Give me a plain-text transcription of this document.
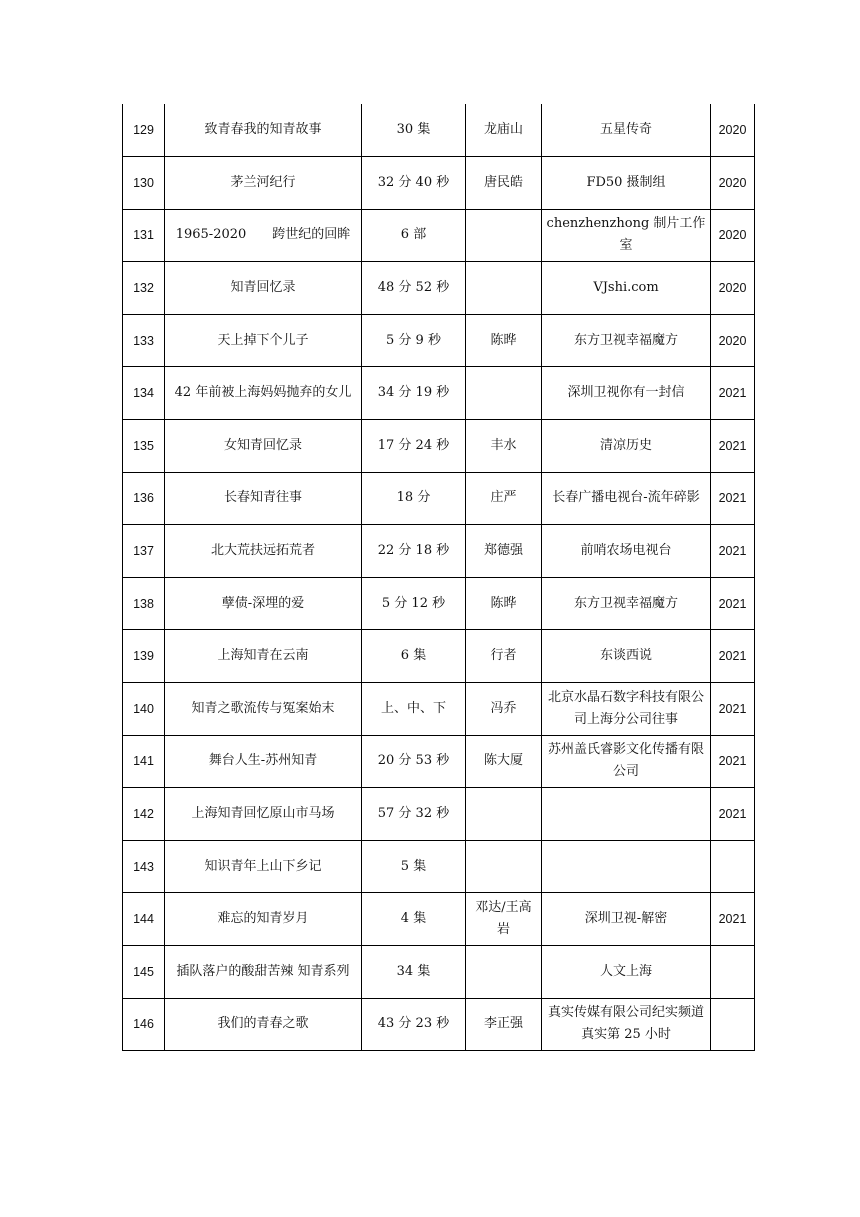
129	致青春我的知青故事	30 集	龙庙山	五星传奇	2020
130	茅兰河纪行	32 分 40 秒	唐民皓	FD50 摄制组	2020
131	1965-2020　　跨世纪的回眸	6 部		chenzhenzhong 制片工作室	2020
132	知青回忆录	48 分 52 秒		VJshi.com	2020
133	天上掉下个儿子	5 分 9 秒	陈晔	东方卫视幸福魔方	2020
134	42 年前被上海妈妈抛弃的女儿	34 分 19 秒		深圳卫视你有一封信	2021
135	女知青回忆录	17 分 24 秒	丰水	清凉历史	2021
136	长春知青往事	18 分	庄严	长春广播电视台-流年碎影	2021
137	北大荒扶远拓荒者	22 分 18 秒	郑德强	前哨农场电视台	2021
138	孽债-深埋的爱	5 分 12 秒	陈晔	东方卫视幸福魔方	2021
139	上海知青在云南	6 集	行者	东谈西说	2021
140	知青之歌流传与冤案始末	上、中、下	冯乔	北京水晶石数字科技有限公司上海分公司往事	2021
141	舞台人生-苏州知青	20 分 53 秒	陈大厦	苏州盖氏睿影文化传播有限公司	2021
142	上海知青回忆原山市马场	57 分 32 秒			2021
143	知识青年上山下乡记	5 集			
144	难忘的知青岁月	4 集	邓达/王高岩	深圳卫视-解密	2021
145	插队落户的酸甜苦辣 知青系列	34 集		人文上海	
146	我们的青春之歌	43 分 23 秒	李正强	真实传媒有限公司纪实频道真实第 25 小时	
